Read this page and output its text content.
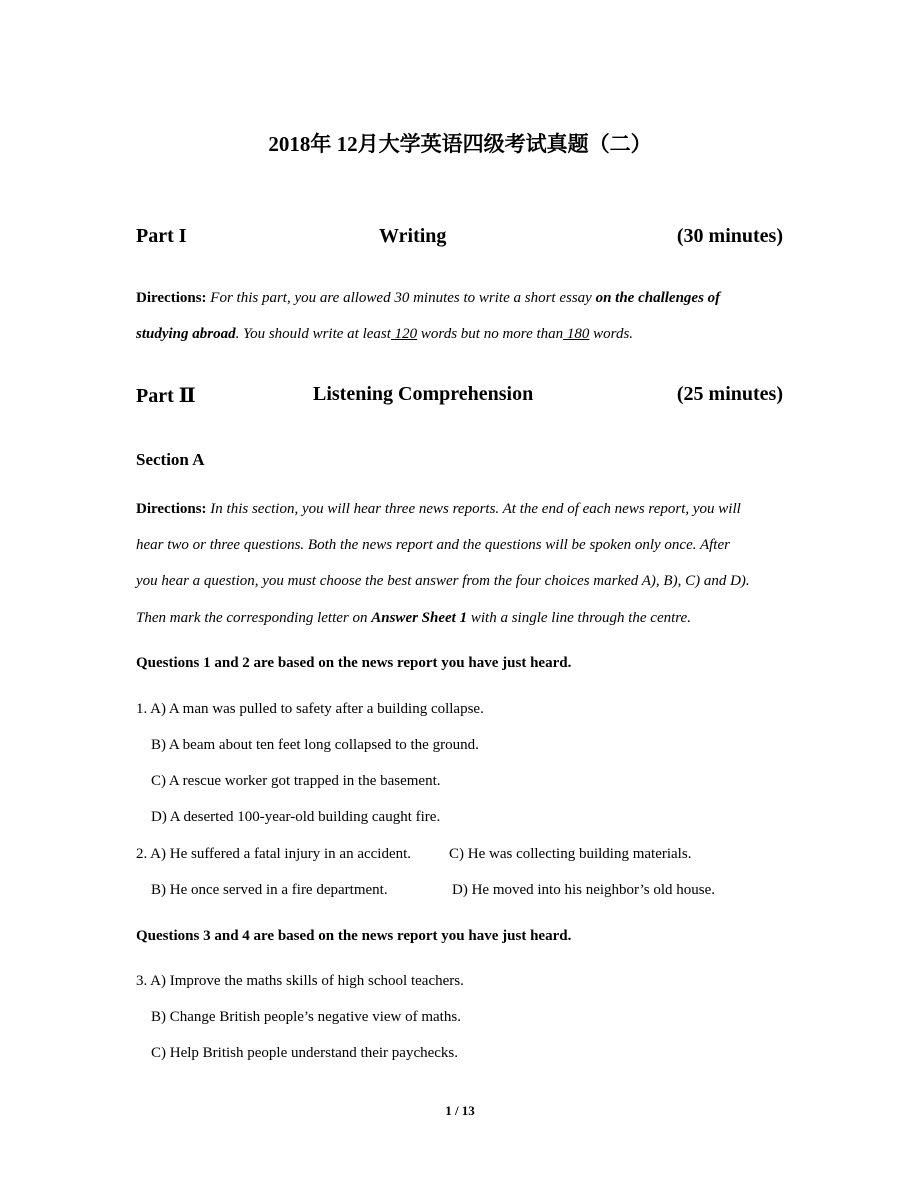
2018年 12月大学英语四级考试真题（二）
Part I	Writing	(30 minutes)
Directions: For this part, you are allowed 30 minutes to write a short essay on the challenges of
studying abroad. You should write at least 120 words but no more than 180 words.
Part Ⅱ	Listening Comprehension	(25 minutes)
Section A
Directions: In this section, you will hear three news reports. At the end of each news report, you will
hear two or three questions. Both the news report and the questions will be spoken only once. After
you hear a question, you must choose the best answer from the four choices marked A), B), C) and D).
Then mark the corresponding letter on Answer Sheet 1 with a single line through the centre.
Questions 1 and 2 are based on the news report you have just heard.
1. A) A man was pulled to safety after a building collapse.
B) A beam about ten feet long collapsed to the ground.
C) A rescue worker got trapped in the basement.
D) A deserted 100-year-old building caught fire.
2. A) He suffered a fatal injury in an accident.	C) He was collecting building materials.
B) He once served in a fire department.	D) He moved into his neighbor’s old house.
Questions 3 and 4 are based on the news report you have just heard.
3. A) Improve the maths skills of high school teachers.
B) Change British people’s negative view of maths.
C) Help British people understand their paychecks.
1 / 13
